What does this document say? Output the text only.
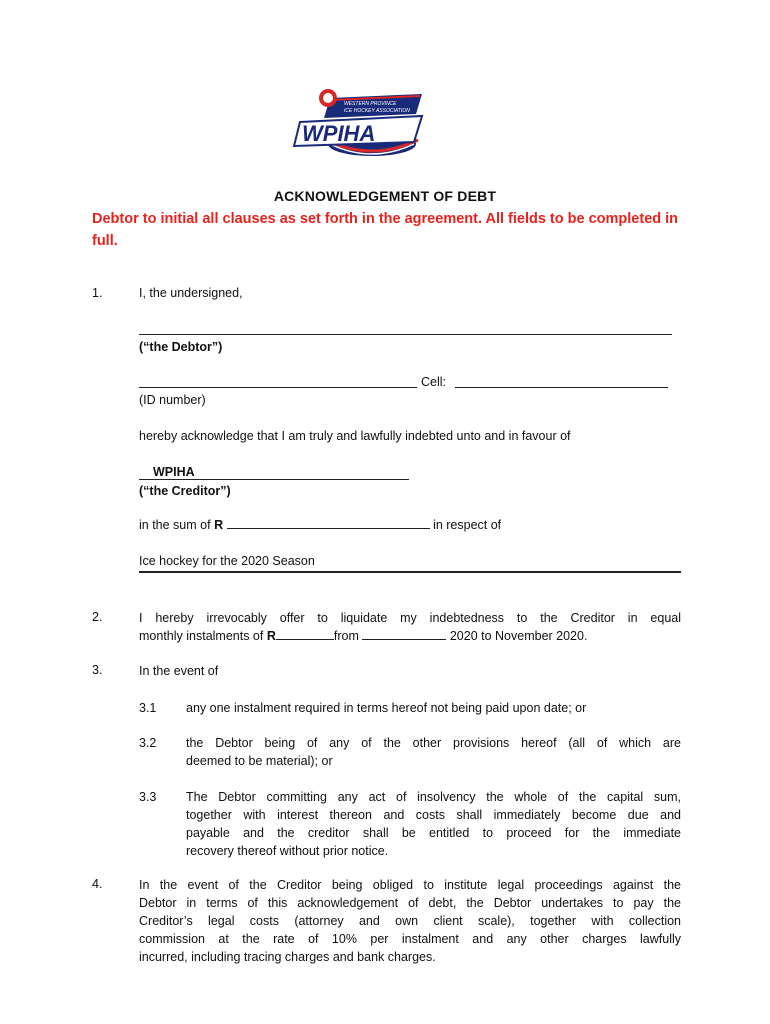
WPIHA
WESTERN PROVINCE
ICE HOCKEY ASSOCIATION
ACKNOWLEDGEMENT OF DEBT
Debtor to initial all clauses as set forth in the agreement. All fields to be completed in full.
1.	I, the undersigned,
(“the Debtor”)
Cell:
(ID number)
hereby acknowledge that I am truly and lawfully indebted unto and in favour of
WPIHA
(“the Creditor”)
in the sum of R	in respect of
Ice hockey for the 2020 Season
2.	I hereby irrevocably offer to liquidate my indebtedness to the Creditor in equal
monthly instalments of R	from	2020 to November 2020.
3.	In the event of
3.1 any one instalment required in terms hereof not being paid upon date; or
3.2 the Debtor being of any of the other provisions hereof (all of which are
deemed to be material); or
3.3 The Debtor committing any act of insolvency the whole of the capital sum,
together with interest thereon and costs shall immediately become due and
payable and the creditor shall be entitled to proceed for the immediate
recovery thereof without prior notice.
4.	In the event of the Creditor being obliged to institute legal proceedings against the
Debtor in terms of this acknowledgement of debt, the Debtor undertakes to pay the
Creditor’s legal costs (attorney and own client scale), together with collection
commission at the rate of 10% per instalment and any other charges lawfully
incurred, including tracing charges and bank charges.
